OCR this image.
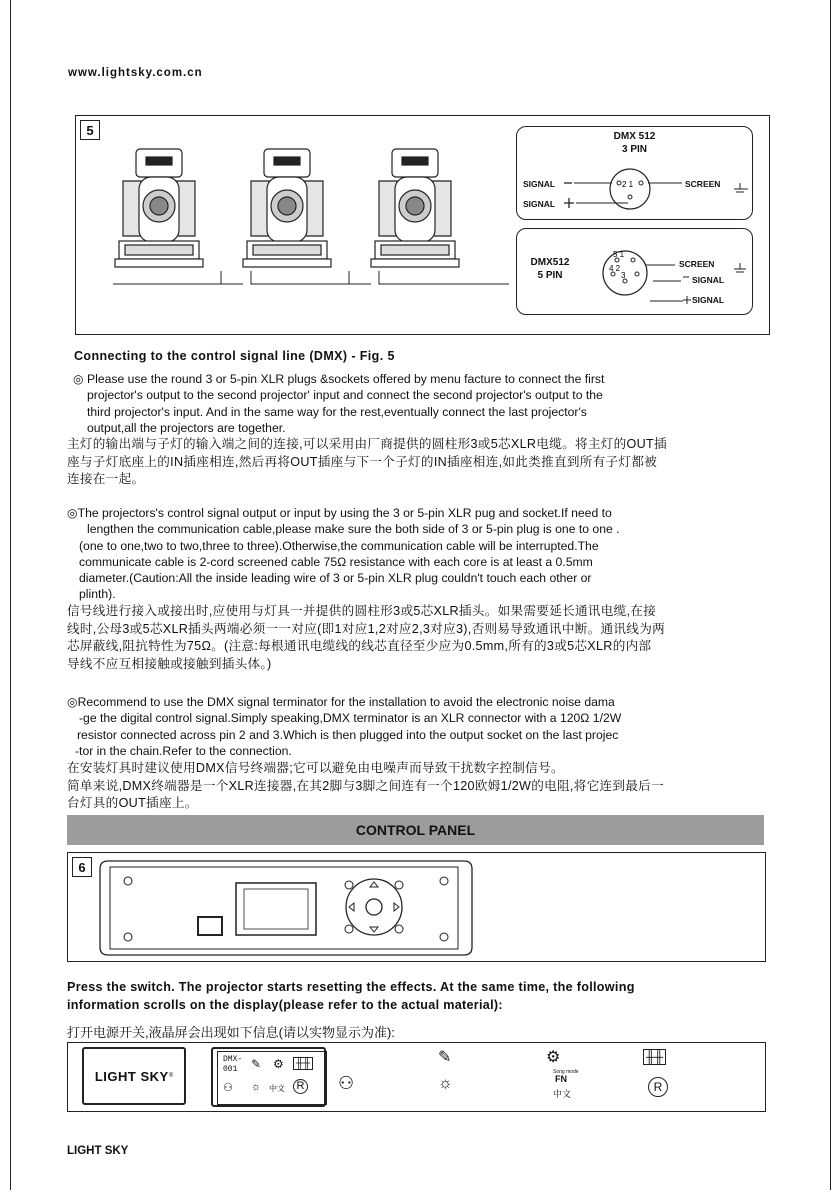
www.lightsky.com.cn
5	DMX 512
3 PIN
SIGNAL
SIGNAL
SCREEN
2 1
DMX512
5 PIN
SCREEN
SIGNAL
SIGNAL
5 1
4 2
3
Connecting to the control signal line (DMX) - Fig. 5

◎ Please use the round 3 or 5-pin XLR plugs &sockets offered by menu facture to connect the first

projector's output to the second projector' input and connect the second projector's output to the

third projector's input. And in the same way for the rest,eventually connect the last projector's

output,all the projectors are together.

主灯的输出端与子灯的输入端之间的连接,可以采用由厂商提供的圆柱形3或5芯XLR电缆。将主灯的OUT插

座与子灯底座上的IN插座相连,然后再将OUT插座与下一个子灯的IN插座相连,如此类推直到所有子灯都被

连接在一起。

◎The projectors's control signal output or input by using the 3 or 5-pin XLR pug and socket.If need to

lengthen the communication cable,please make sure the both side of 3 or 5-pin plug is one to one .

(one to one,two to two,three to three).Otherwise,the communication cable will be interrupted.The

communicate cable is 2-cord screened cable 75Ω resistance with each core is at least a 0.5mm

diameter.(Caution:All the inside leading wire of 3 or 5-pin XLR plug couldn't touch each other or

plinth).

信号线进行接入或接出时,应使用与灯具一并提供的圆柱形3或5芯XLR插头。如果需要延长通讯电缆,在接

线时,公母3或5芯XLR插头两端必须一一对应(即1对应1,2对应2,3对应3),否则易导致通讯中断。通讯线为两

芯屏蔽线,阻抗特性为75Ω。(注意:每根通讯电缆线的线芯直径至少应为0.5mm,所有的3或5芯XLR的内部

导线不应互相接触或接触到插头体。)

◎Recommend to use the DMX signal terminator for the installation to avoid the electronic noise dama

-ge the digital control signal.Simply speaking,DMX terminator is an XLR connector with a 120Ω 1/2W

resistor connected across pin 2 and 3.Which is then plugged into the output socket on the last projec

-tor in the chain.Refer to the connection.

在安装灯具时建议使用DMX信号终端器;它可以避免由电噪声而导致干扰数字控制信号。

简单来说,DMX终端器是一个XLR连接器,在其2脚与3脚之间连有一个120欧姆1/2W的电阻,将它连到最后一

台灯具的OUT插座上。

CONTROL PANEL
6
Press the switch. The projector starts resetting the effects. At the same time, the following
information scrolls on the display(please refer to the actual material):
打开电源开关,液晶屏会出现如下信息(请以实物显示为准):
LIGHT SKY ®
DMX-
001 ✎ ⚙	╫╫
⚇ ☼ 中文	R ⚇
✎
☼
⚙
Song mode
FN
中文
╫╫
R
LIGHT SKY
